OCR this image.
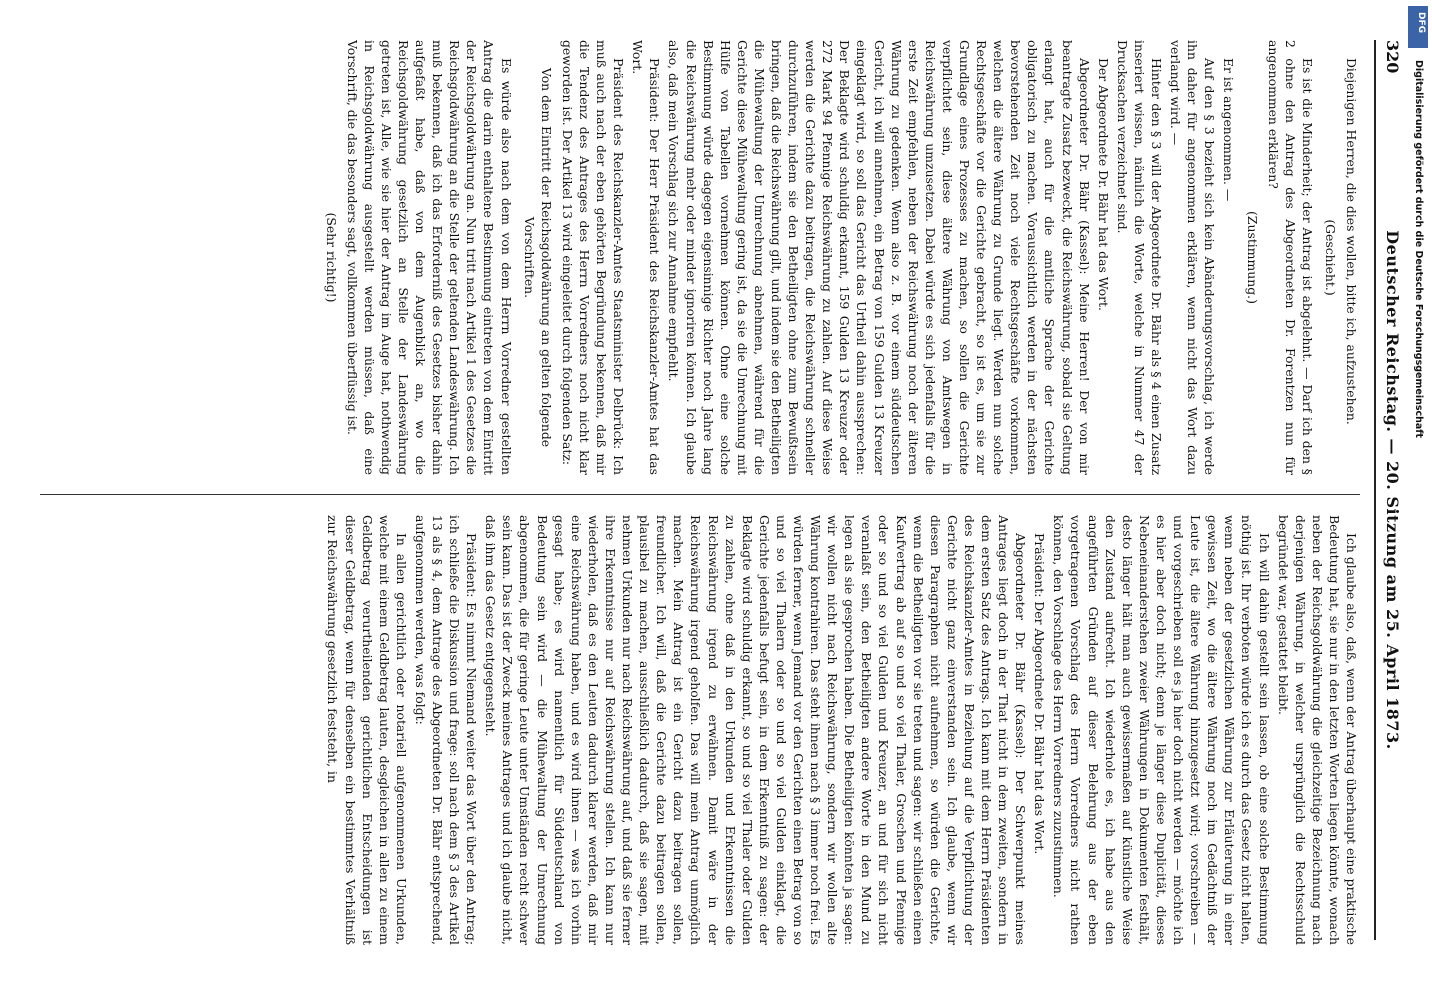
320
Deutscher Reichstag. — 20. Sitzung am 25. April 1873.

Diejenigen Herren, die dies wollen, bitte ich, aufzustehen.

(Geschieht.)

Es ist die Minderheit; der Antrag ist abgelehnt. — Darf ich den § 2 ohne den Antrag des Abgeordneten Dr. Forentzen nun für angenommen erklären?

(Zustimmung.)

Er ist angenommen. —

Auf den § 3 bezieht sich kein Abänderungsvorschlag, ich werde ihn daher für angenommen erklären, wenn nicht das Wort dazu verlangt wird. —

Hinter den § 3 will der Abgeordnete Dr. Bähr als § 4 einen Zusatz inseriert wissen, nämlich die Worte, welche in Nummer 47 der Drucksachen verzeichnet sind.

Der Abgeordnete Dr. Bähr hat das Wort.

Abgeordneter Dr. Bähr (Kassel): Meine Herren! Der von mir beantragte Zusatz bezweckt, die Reichswährung, sobald sie Geltung erlangt hat, auch für die amtliche Sprache der Gerichte obligatorisch zu machen. Voraussichtlich werden in der nächsten bevorstehenden Zeit noch viele Rechtsgeschäfte vorkommen, welchen die ältere Währung zu Grunde liegt. Werden nun solche Rechtsgeschäfte vor die Gerichte gebracht, so ist es, um sie zur Grundlage eines Prozesses zu machen, so sollen die Gerichte verpflichtet sein, diese ältere Währung von Amtswegen in Reichswährung umzusetzen. Dabei würde es sich jedenfalls für die erste Zeit empfehlen, neben der Reichswährung noch der älteren Währung zu gedenken. Wenn also z. B. vor einem süddeutschen Gericht, ich will annehmen, ein Betrag von 159 Gulden 13 Kreuzer eingeklagt wird, so soll das Gericht das Urtheil dahin aussprechen: Der Beklagte wird schuldig erkannt, 159 Gulden 13 Kreuzer oder 272 Mark 94 Pfennige Reichswährung zu zahlen. Auf diese Weise werden die Gerichte dazu beitragen, die Reichswährung schneller durchzuführen, indem sie den Betheiligten ohne zum Bewußtsein bringen, daß die Reichswährung gilt, und indem sie den Betheiligten die Mühewaltung der Umrechnung abnehmen, während für die Gerichte diese Mühewaltung gering ist, da sie die Umrechnung mit Hülfe von Tabellen vornehmen können. Ohne eine solche Bestimmung würde dagegen eigensinnige Richter noch Jahre lang die Reichswährung mehr oder minder ignoriren können. Ich glaube also, daß mein Vorschlag sich zur Annahme empfiehlt.

Präsident: Der Herr Präsident des Reichskanzler-Amtes hat das Wort.

Präsident des Reichskanzler-Amtes Staatsminister Delbrück: Ich muß auch nach der eben gehörten Begründung bekennen, daß mir die Tendenz des Antrages des Herrn Vorredners noch nicht klar geworden ist. Der Artikel 13 wird eingeleitet durch folgenden Satz:

Von dem Eintritt der Reichsgoldwährung an gelten folgende Vorschriften.

Es würde also nach dem von dem Herrn Vorredner gestellten Antrag die darin enthaltene Bestimmung eintreten von dem Eintritt der Reichsgoldwährung an. Nun tritt nach Artikel 1 des Gesetzes die Reichsgoldwährung an die Stelle der geltenden Landeswährung. Ich muß bekennen, daß ich das Erforderniß des Gesetzes bisher dahin aufgefaßt habe, daß von dem Augenblick an, wo die Reichsgoldwährung gesetzlich an Stelle der Landeswährung getreten ist, Alle, wie sie hier der Antrag im Auge hat, nothwendig in Reichsgoldwährung ausgestellt werden müssen, daß eine Vorschrift, die das besonders sagt, vollkommen überflüssig ist.

(Sehr richtig!)

Ich glaube also, daß, wenn der Antrag überhaupt eine praktische Bedeutung hat, sie nur in den letzten Worten liegen könnte, wonach neben der Reichsgoldwährung die gleichzeitige Bezeichnung nach derjenigen Währung, in welcher ursprünglich die Rechtsschuld begründet war, gestattet bleibt.

Ich will dahin gestellt sein lassen, ob eine solche Bestimmung nöthig ist. Ihr verboten würde ich es durch das Gesetz nicht halten, wenn neben der gesetzlichen Währung zur Erläuterung in einer gewissen Zeit, wo die ältere Währung noch im Gedächtniß der Leute ist, die ältere Währung hinzugesetzt wird; vorschreiben — und vorgeschrieben soll es ja hier doch nicht werden — möchte ich es hier aber doch nicht; denn je länger diese Duplicität, dieses Nebeneinanderstehen zweier Währungen in Dokumenten festhält, desto länger hält man auch gewissermaßen auf künstliche Weise den Zustand aufrecht. Ich wiederhole es, ich habe aus den angeführten Gründen auf dieser Belehrung aus der eben vorgetragenen Vorschlag des Herrn Vorredners nicht rathen können, den Vorschlage des Herrn Vorredners zuzustimmen.

Präsident: Der Abgeordnete Dr. Bähr hat das Wort.

Abgeordneter Dr. Bähr (Kassel): Der Schwerpunkt meines Antrages liegt doch in der That nicht in dem zweiten, sondern in dem ersten Satz des Antrags. Ich kann mit dem Herrn Präsidenten des Reichskanzler-Amtes in Beziehung auf die Verpflichtung der Gerichte nicht ganz einverstanden sein. Ich glaube, wenn wir diesen Paragraphen nicht aufnehmen, so würden die Gerichte, wenn die Betheiligten vor sie treten und sagen: wir schließen einen Kaufvertrag ab auf so und so viel Thaler, Groschen und Pfennige oder so und so viel Gulden und Kreuzer, an und für sich nicht veranlaßt sein, den Betheiligten andere Worte in den Mund zu legen als sie gesprochen haben. Die Betheiligten könnten ja sagen: wir wollen nicht nach Reichswährung, sondern wir wollen alte Währung kontrahiren. Das steht ihnen nach § 3 immer noch frei. Es würden ferner, wenn Jemand vor den Gerichten einen Betrag von so und so viel Thalern oder so und so viel Gulden einklagt, die Gerichte jedenfalls befugt sein, in dem Erkenntniß zu sagen: der Beklagte wird schuldig erkannt, so und so viel Thaler oder Gulden zu zahlen, ohne daß in den Urkunden und Erkenntnissen die Reichswährung irgend zu erwähnen. Damit wäre in der Reichswährung irgend geholfen. Das will mein Antrag unmöglich machen. Mein Antrag ist ein Gericht dazu beitragen sollen, freundlicher. Ich will, daß die Gerichte dazu beitragen sollen, plausibel zu machen, ausschließlich dadurch, daß sie sagen, mit nehmen Urkunden nur nach Reichswährung auf, und daß sie ferner ihre Erkenntnisse nur auf Reichswährung stellen. Ich kann nur wiederholen, daß es den Leuten dadurch klarer werden, daß mir eine Reichswährung haben, und es wird ihnen — was ich vorhin gesagt habe; es wird namentlich für Süddeutschland von Bedeutung sein wird — die Mühewaltung der Umrechnung abgenommen, die für geringe Leute unter Umständen recht schwer sein kann. Das ist der Zweck meines Antrages und ich glaube nicht, daß ihm das Gesetz entgegensteht.

Präsident: Es nimmt Niemand weiter das Wort über den Antrag; ich schließe die Diskussion und frage: soll nach dem § 3 des Artikel 13 als § 4, dem Antrage des Abgeordneten Dr. Bähr entsprechend, aufgenommen werden, was folgt:

In allen gerichtlich oder notariell aufgenommenen Urkunden, welche mit einem Geldbetrag lauten, desgleichen in allen zu einem Geldbetrag verurtheilenden gerichtlichen Entscheidungen ist dieser Geldbetrag, wenn für denselben ein bestimmtes Verhältniß zur Reichswährung gesetzlich feststeht, in

DFG
Digitalisierung gefördert durch die Deutsche Forschungsgemeinschaft
